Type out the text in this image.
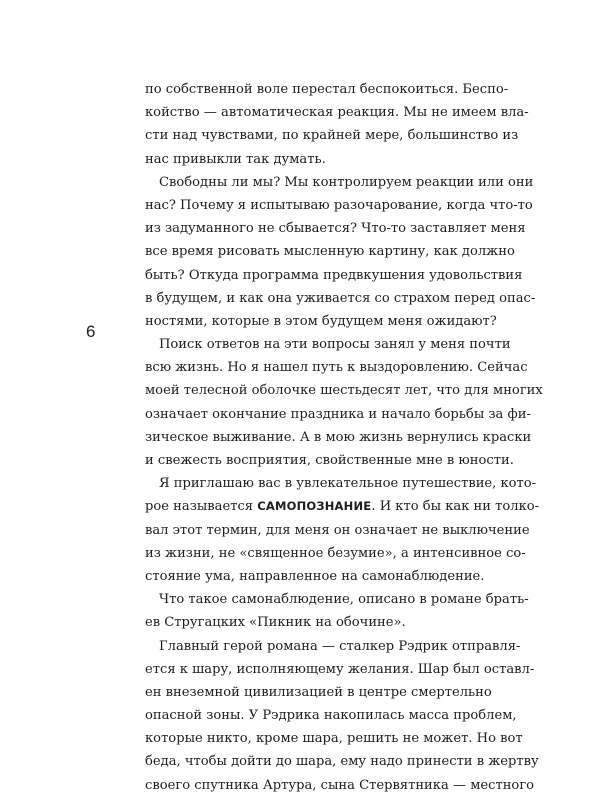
6
по собственной воле перестал беспокоиться. Беспо-
койство — автоматическая реакция. Мы не имеем вла-
сти над чувствами, по крайней мере, большинство из
нас привыкли так думать.
Свободны ли мы? Мы контролируем реакции или они
нас? Почему я испытываю разочарование, когда что-то
из задуманного не сбывается? Что-то заставляет меня
все время рисовать мысленную картину, как должно
быть? Откуда программа предвкушения удовольствия
в будущем, и как она уживается со страхом перед опас-
ностями, которые в этом будущем меня ожидают?
Поиск ответов на эти вопросы занял у меня почти
всю жизнь. Но я нашел путь к выздоровлению. Сейчас
моей телесной оболочке шестьдесят лет, что для многих
означает окончание праздника и начало борьбы за фи-
зическое выживание. А в мою жизнь вернулись краски
и свежесть восприятия, свойственные мне в юности.
Я приглашаю вас в увлекательное путешествие, кото-
рое называется САМОПОЗНАНИЕ. И кто бы как ни толко-
вал этот термин, для меня он означает не выключение
из жизни, не «священное безумие», а интенсивное со-
стояние ума, направленное на самонаблюдение.
Что такое самонаблюдение, описано в романе брать-
ев Стругацких «Пикник на обочине».
Главный герой романа — сталкер Рэдрик отправля-
ется к шару, исполняющему желания. Шар был оставл-
ен внеземной цивилизацией в центре смертельно
опасной зоны. У Рэдрика накопилась масса проблем,
которые никто, кроме шара, решить не может. Но вот
беда, чтобы дойти до шара, ему надо принести в жертву
своего спутника Артура, сына Стервятника — местного
